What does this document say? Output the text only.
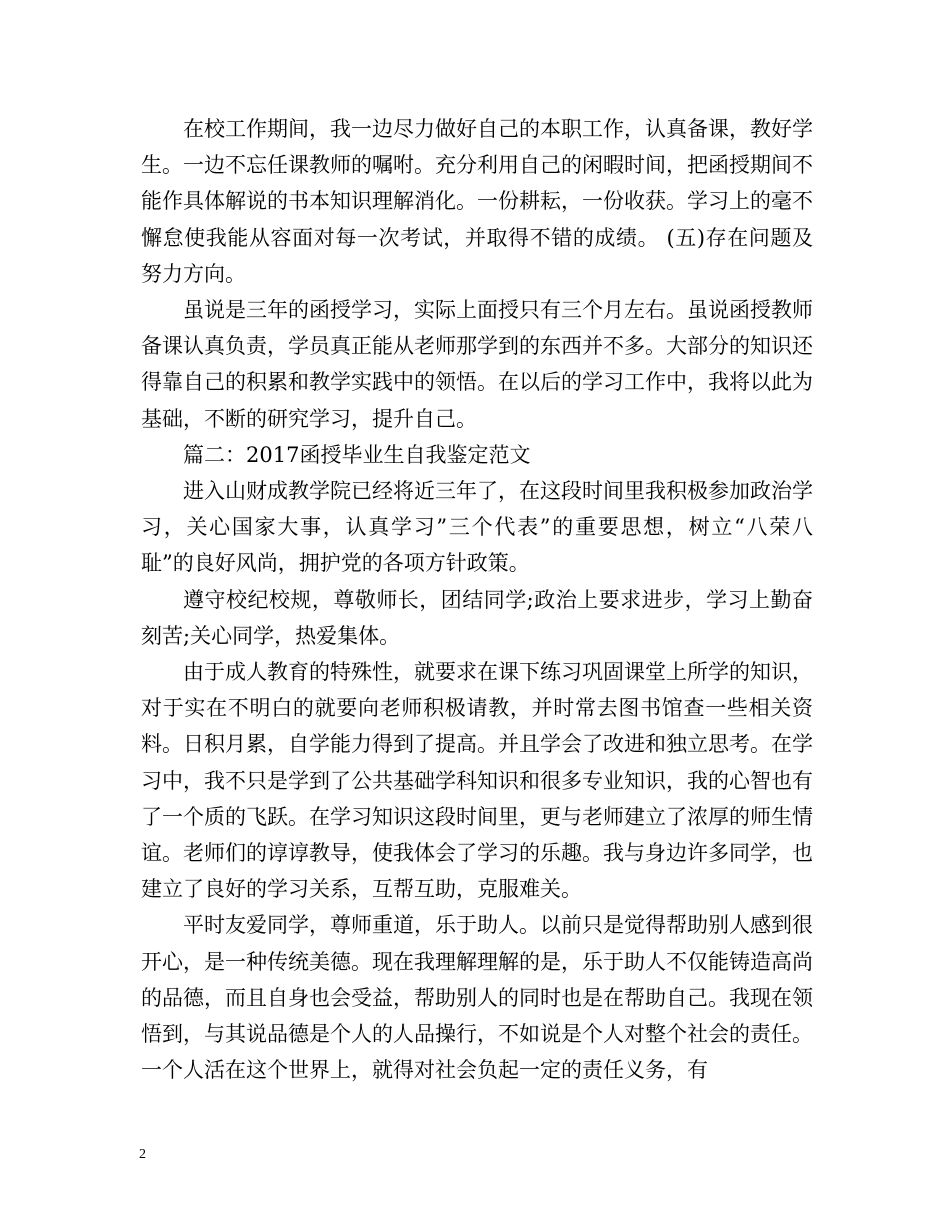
在校工作期间，我一边尽力做好自己的本职工作，认真备课，教好学生。一边不忘任课教师的嘱咐。充分利用自己的闲暇时间，把函授期间不能作具体解说的书本知识理解消化。一份耕耘，一份收获。学习上的毫不懈怠使我能从容面对每一次考试，并取得不错的成绩。 (五)存在问题及努力方向。

虽说是三年的函授学习，实际上面授只有三个月左右。虽说函授教师备课认真负责，学员真正能从老师那学到的东西并不多。大部分的知识还得靠自己的积累和教学实践中的领悟。在以后的学习工作中，我将以此为基础，不断的研究学习，提升自己。

篇二：2017函授毕业生自我鉴定范文

进入山财成教学院已经将近三年了，在这段时间里我积极参加政治学习，关心国家大事，认真学习”三个代表”的重要思想，树立“八荣八耻”的良好风尚，拥护党的各项方针政策。

遵守校纪校规，尊敬师长，团结同学;政治上要求进步，学习上勤奋刻苦;关心同学，热爱集体。

由于成人教育的特殊性，就要求在课下练习巩固课堂上所学的知识，对于实在不明白的就要向老师积极请教，并时常去图书馆查一些相关资料。日积月累，自学能力得到了提高。并且学会了改进和独立思考。在学习中，我不只是学到了公共基础学科知识和很多专业知识，我的心智也有了一个质的飞跃。在学习知识这段时间里，更与老师建立了浓厚的师生情谊。老师们的谆谆教导，使我体会了学习的乐趣。我与身边许多同学，也建立了良好的学习关系，互帮互助，克服难关。

平时友爱同学，尊师重道，乐于助人。以前只是觉得帮助别人感到很开心，是一种传统美德。现在我理解理解的是，乐于助人不仅能铸造高尚的品德，而且自身也会受益，帮助别人的同时也是在帮助自己。我现在领悟到，与其说品德是个人的人品操行，不如说是个人对整个社会的责任。一个人活在这个世界上，就得对社会负起一定的责任义务，有

2
